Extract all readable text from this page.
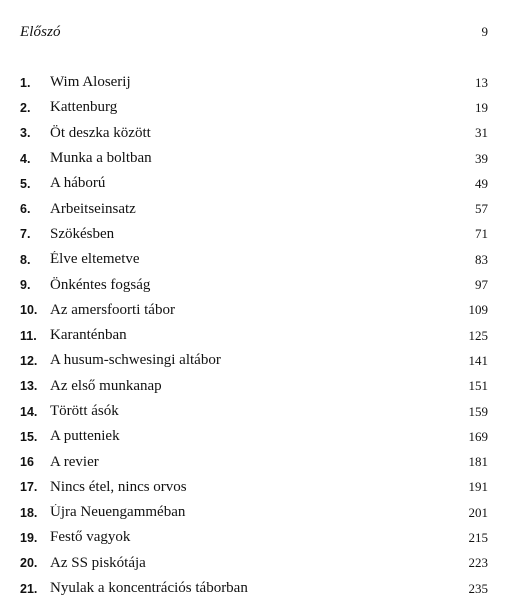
Előszó	9
1.	Wim Aloserij	13
2.	Kattenburg	19
3.	Öt deszka között	31
4.	Munka a boltban	39
5.	A háború	49
6.	Arbeitseinsatz	57
7.	Szökésben	71
8.	Élve eltemetve	83
9.	Önkéntes fogság	97
10. Az amersfoorti tábor	109
11. Karanténban	125
12. A husum-schwesingi altábor	141
13. Az első munkanap	151
14. Törött ásók	159
15. A putteniek	169
16	A revier	181
17. Nincs étel, nincs orvos	191
18. Újra Neuengamméban	201
19. Festő vagyok	215
20. Az SS piskótája	223
21. Nyulak a koncentrációs táborban	235
